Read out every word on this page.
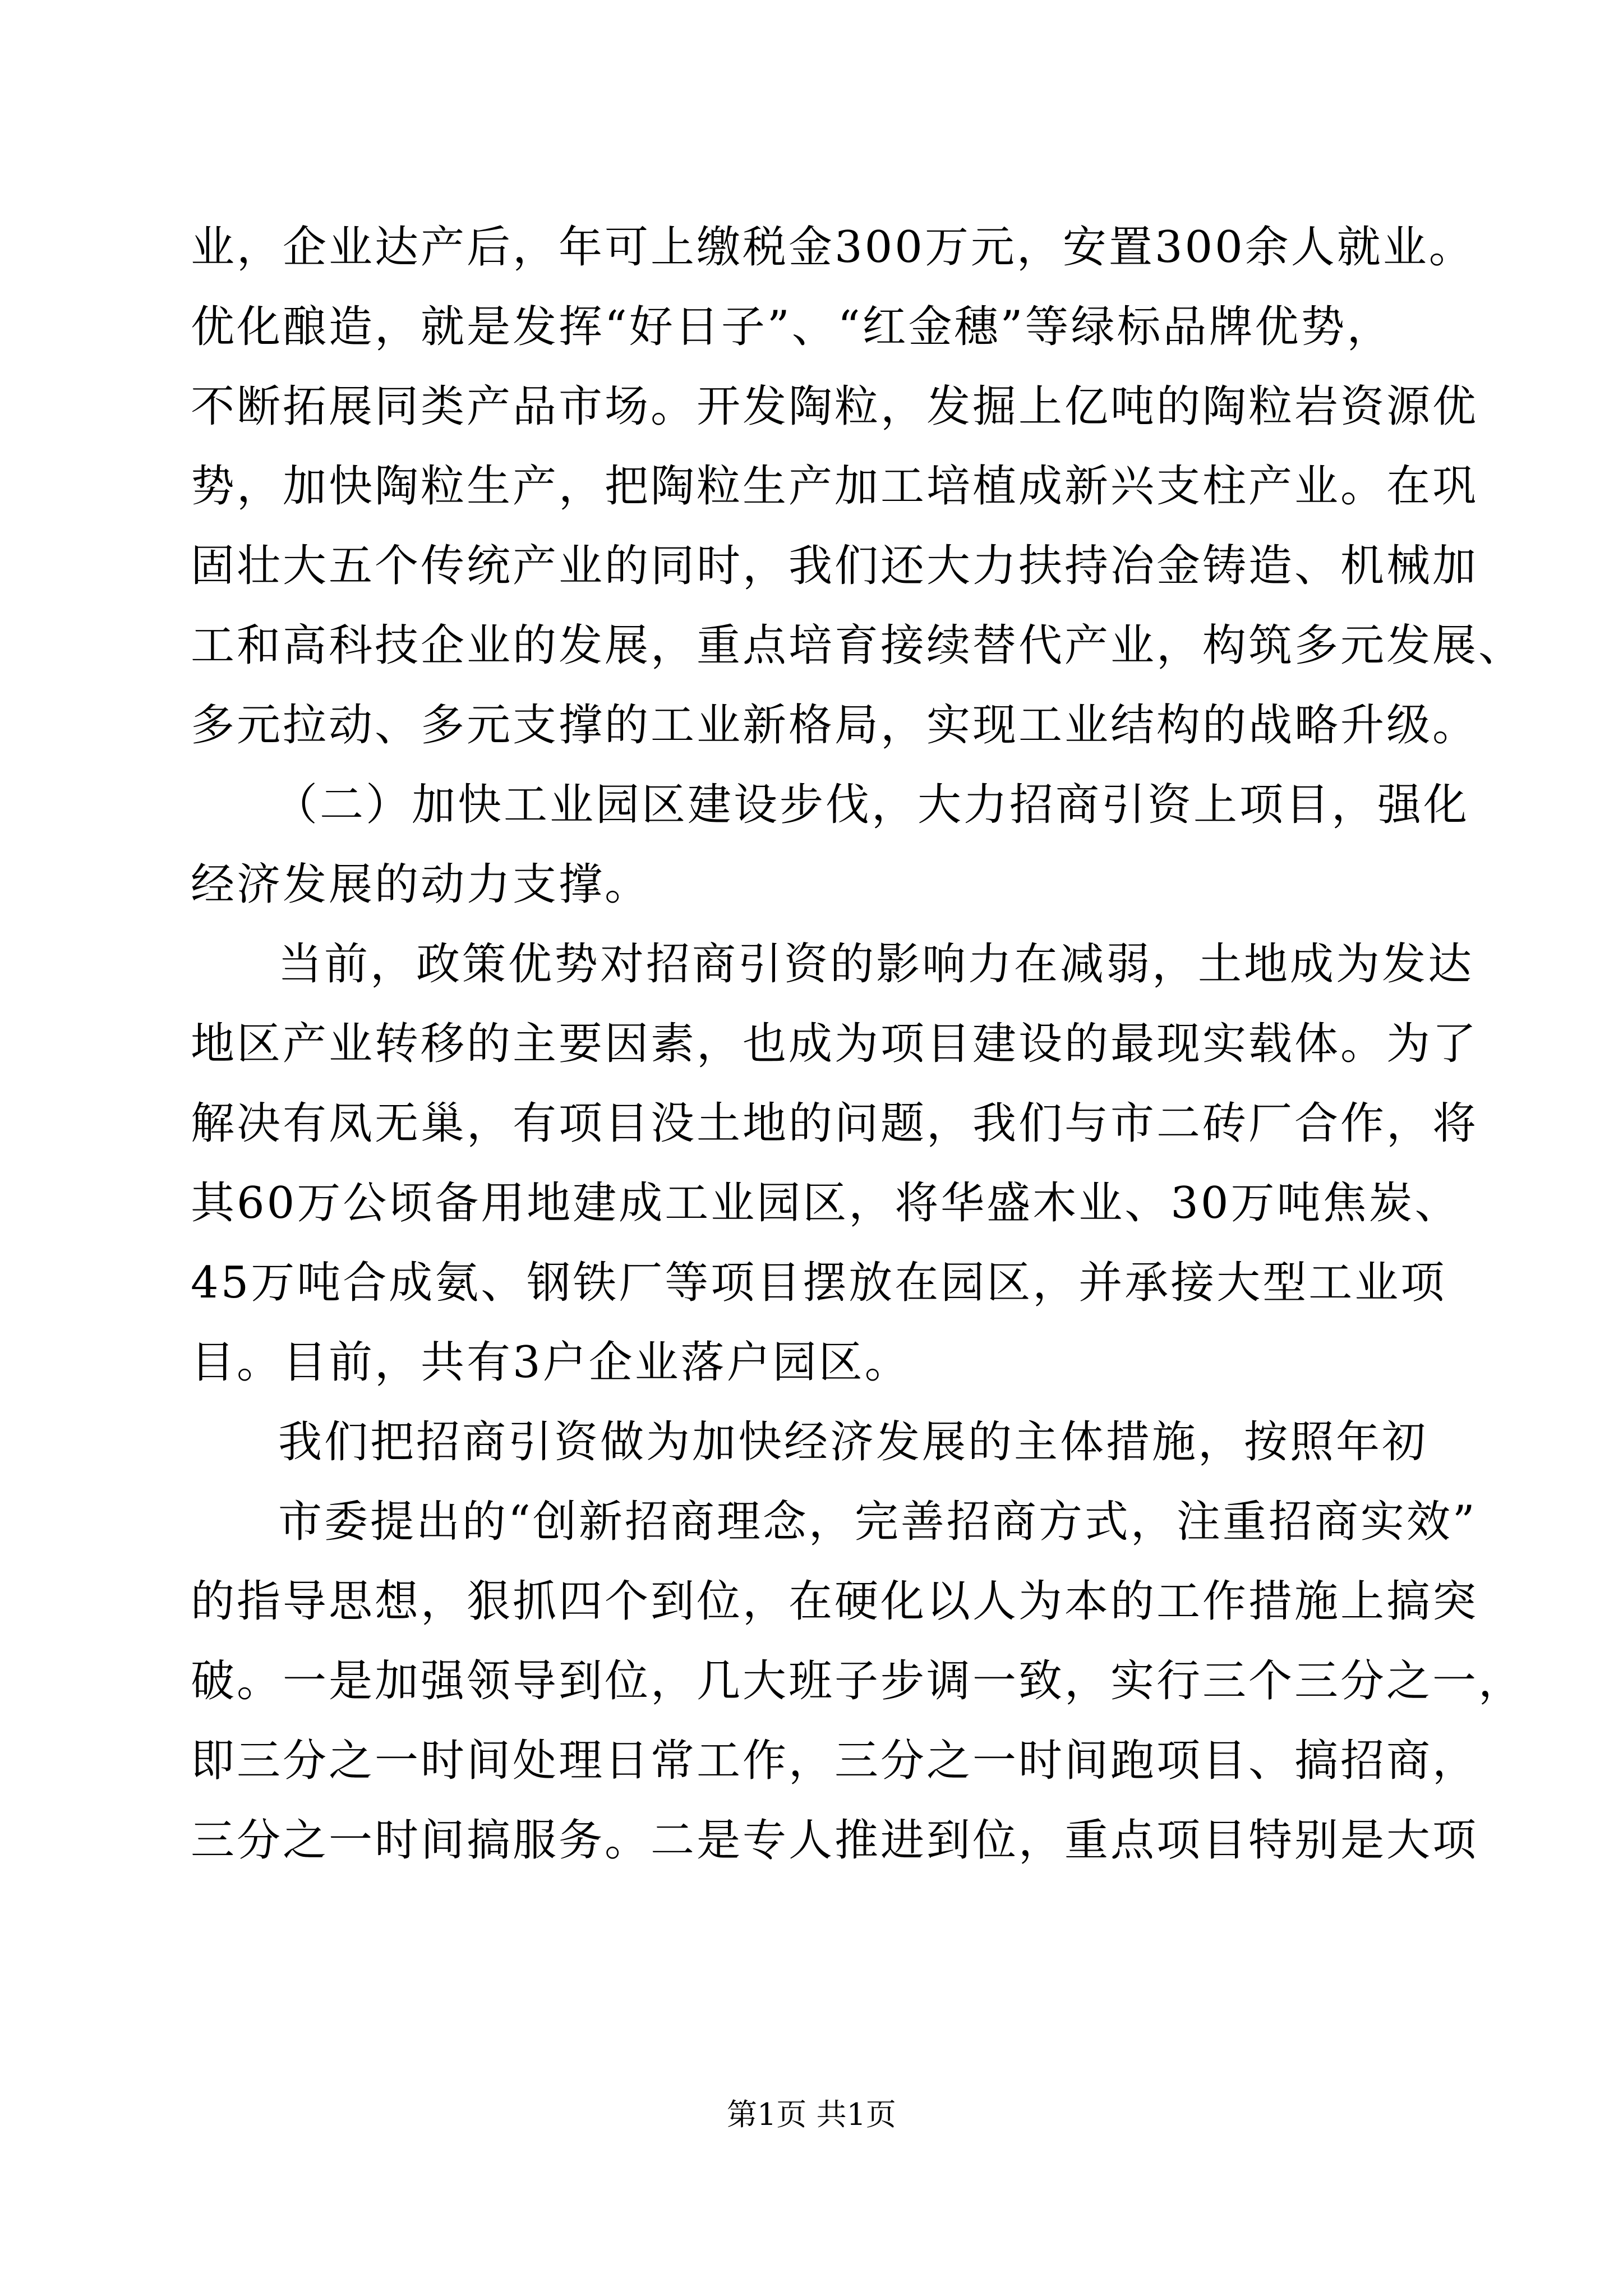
业，企业达产后，年可上缴税金300万元，安置300余人就业。
优化酿造，就是发挥“好日子”、“红金穗”等绿标品牌优势，
不断拓展同类产品市场。开发陶粒，发掘上亿吨的陶粒岩资源优
势，加快陶粒生产，把陶粒生产加工培植成新兴支柱产业。在巩
固壮大五个传统产业的同时，我们还大力扶持冶金铸造、机械加
工和高科技企业的发展，重点培育接续替代产业，构筑多元发展、
多元拉动、多元支撑的工业新格局，实现工业结构的战略升级。
（二）加快工业园区建设步伐，大力招商引资上项目，强化
经济发展的动力支撑。
当前，政策优势对招商引资的影响力在减弱，土地成为发达
地区产业转移的主要因素，也成为项目建设的最现实载体。为了
解决有凤无巢，有项目没土地的问题，我们与市二砖厂合作，将
其60万公顷备用地建成工业园区，将华盛木业、30万吨焦炭、
45万吨合成氨、钢铁厂等项目摆放在园区，并承接大型工业项
目。目前，共有3户企业落户园区。
我们把招商引资做为加快经济发展的主体措施，按照年初
市委提出的“创新招商理念，完善招商方式，注重招商实效”
的指导思想，狠抓四个到位，在硬化以人为本的工作措施上搞突
破。一是加强领导到位，几大班子步调一致，实行三个三分之一，
即三分之一时间处理日常工作，三分之一时间跑项目、搞招商，
三分之一时间搞服务。二是专人推进到位，重点项目特别是大项
第1页 共1页
